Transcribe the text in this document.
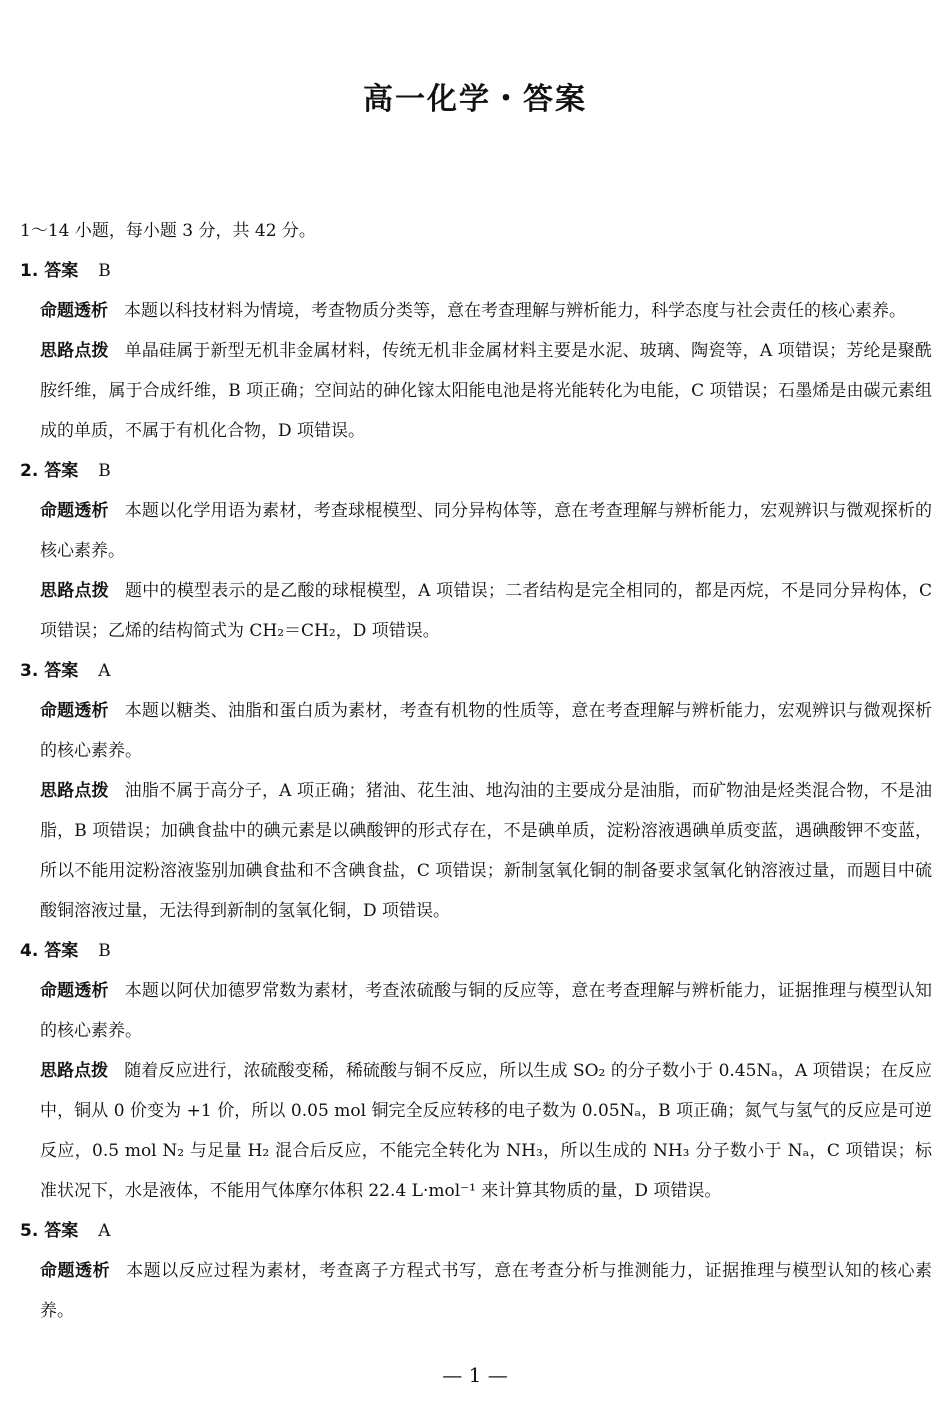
高一化学・答案
1～14 小题，每小题 3 分，共 42 分。
1. 答案 B
命题透析 本题以科技材料为情境，考查物质分类等，意在考查理解与辨析能力，科学态度与社会责任的核心素养。
思路点拨 单晶硅属于新型无机非金属材料，传统无机非金属材料主要是水泥、玻璃、陶瓷等，A 项错误；芳纶是聚酰胺纤维，属于合成纤维，B 项正确；空间站的砷化镓太阳能电池是将光能转化为电能，C 项错误；石墨烯是由碳元素组成的单质，不属于有机化合物，D 项错误。
2. 答案 B
命题透析 本题以化学用语为素材，考查球棍模型、同分异构体等，意在考查理解与辨析能力，宏观辨识与微观探析的核心素养。
思路点拨 题中的模型表示的是乙酸的球棍模型，A 项错误；二者结构是完全相同的，都是丙烷，不是同分异构体，C 项错误；乙烯的结构简式为 CH₂＝CH₂，D 项错误。
3. 答案 A
命题透析 本题以糖类、油脂和蛋白质为素材，考查有机物的性质等，意在考查理解与辨析能力，宏观辨识与微观探析的核心素养。
思路点拨 油脂不属于高分子，A 项正确；猪油、花生油、地沟油的主要成分是油脂，而矿物油是烃类混合物，不是油脂，B 项错误；加碘食盐中的碘元素是以碘酸钾的形式存在，不是碘单质，淀粉溶液遇碘单质变蓝，遇碘酸钾不变蓝，所以不能用淀粉溶液鉴别加碘食盐和不含碘食盐，C 项错误；新制氢氧化铜的制备要求氢氧化钠溶液过量，而题目中硫酸铜溶液过量，无法得到新制的氢氧化铜，D 项错误。
4. 答案 B
命题透析 本题以阿伏加德罗常数为素材，考查浓硫酸与铜的反应等，意在考查理解与辨析能力，证据推理与模型认知的核心素养。
思路点拨 随着反应进行，浓硫酸变稀，稀硫酸与铜不反应，所以生成 SO₂ 的分子数小于 0.45Nₐ，A 项错误；在反应中，铜从 0 价变为 +1 价，所以 0.05 mol 铜完全反应转移的电子数为 0.05Nₐ，B 项正确；氮气与氢气的反应是可逆反应，0.5 mol N₂ 与足量 H₂ 混合后反应，不能完全转化为 NH₃，所以生成的 NH₃ 分子数小于 Nₐ，C 项错误；标准状况下，水是液体，不能用气体摩尔体积 22.4 L·mol⁻¹ 来计算其物质的量，D 项错误。
5. 答案 A
命题透析 本题以反应过程为素材，考查离子方程式书写，意在考查分析与推测能力，证据推理与模型认知的核心素养。
— 1 —
